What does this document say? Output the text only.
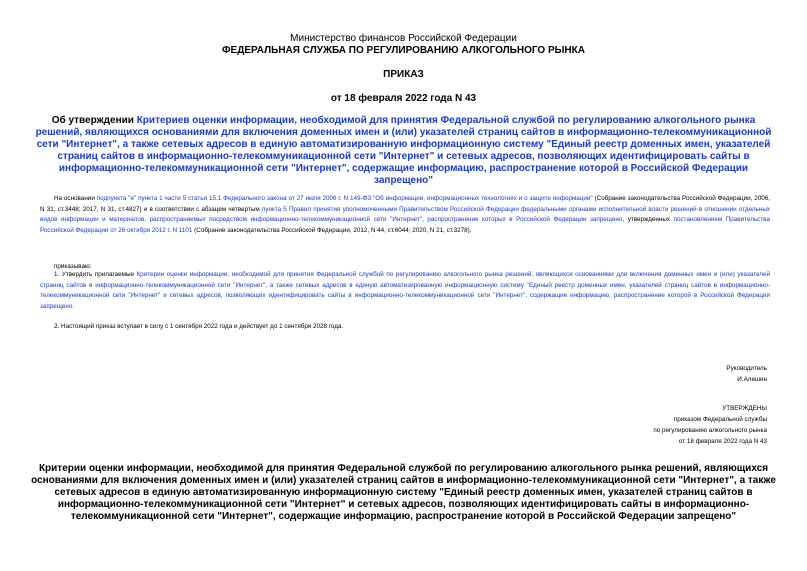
Министерство финансов Российской Федерации
ФЕДЕРАЛЬНАЯ СЛУЖБА ПО РЕГУЛИРОВАНИЮ АЛКОГОЛЬНОГО РЫНКА
ПРИКАЗ
от 18 февраля 2022 года N 43
Об утверждении Критериев оценки информации, необходимой для принятия Федеральной службой по регулированию алкогольного рынка решений, являющихся основаниями для включения доменных имен и (или) указателей страниц сайтов в информационно-телекоммуникационной сети "Интернет", а также сетевых адресов в единую автоматизированную информационную систему "Единый реестр доменных имен, указателей страниц сайтов в информационно-телекоммуникационной сети "Интернет" и сетевых адресов, позволяющих идентифицировать сайты в информационно-телекоммуникационной сети "Интернет", содержащие информацию, распространение которой в Российской Федерации запрещено"
На основании подпункта "е" пункта 1 части 5 статьи 15.1 Федерального закона от 27 июля 2006 г. N 149-ФЗ "Об информации, информационных технологиях и о защите информации" (Собрание законодательства Российской Федерации, 2006, N 31, ст.3448; 2017, N 31, ст.4827) и в соответствии с абзацем четвертым пункта 5 Правил принятия уполномоченными Правительством Российской Федерации федеральными органами исполнительной власти решений в отношении отдельных видов информации и материалов, распространяемых посредством информационно-телекоммуникационной сети "Интернет", распространение которых в Российской Федерации запрещено, утвержденных постановлением Правительства Российской Федерации от 26 октября 2012 г. N 1101 (Собрание законодательства Российской Федерации, 2012, N 44, ст.6044; 2020, N 21, ст.3278),
приказываю:
1. Утвердить прилагаемые Критерии оценки информации, необходимой для принятия Федеральной службой по регулированию алкогольного рынка решений, являющихся основаниями для включения доменных имен и (или) указателей страниц сайтов в информационно-телекоммуникационной сети "Интернет", а также сетевых адресов в единую автоматизированную информационную систему "Единый реестр доменных имен, указателей страниц сайтов в информационно-телекоммуникационной сети "Интернет" и сетевых адресов, позволяющих идентифицировать сайты в информационно-телекоммуникационной сети "Интернет", содержащие информацию, распространение которой в Российской Федерации запрещено.
2. Настоящий приказ вступает в силу с 1 сентября 2022 года и действует до 1 сентября 2028 года.
Руководитель
И.Алешин
УТВЕРЖДЕНЫ
приказом Федеральной службы
по регулированию алкогольного рынка
от 18 февраля 2022 года N 43
Критерии оценки информации, необходимой для принятия Федеральной службой по регулированию алкогольного рынка решений, являющихся основаниями для включения доменных имен и (или) указателей страниц сайтов в информационно-телекоммуникационной сети "Интернет", а также сетевых адресов в единую автоматизированную информационную систему "Единый реестр доменных имен, указателей страниц сайтов в информационно-телекоммуникационной сети "Интернет" и сетевых адресов, позволяющих идентифицировать сайты в информационно-телекоммуникационной сети "Интернет", содержащие информацию, распространение которой в Российской Федерации запрещено"
